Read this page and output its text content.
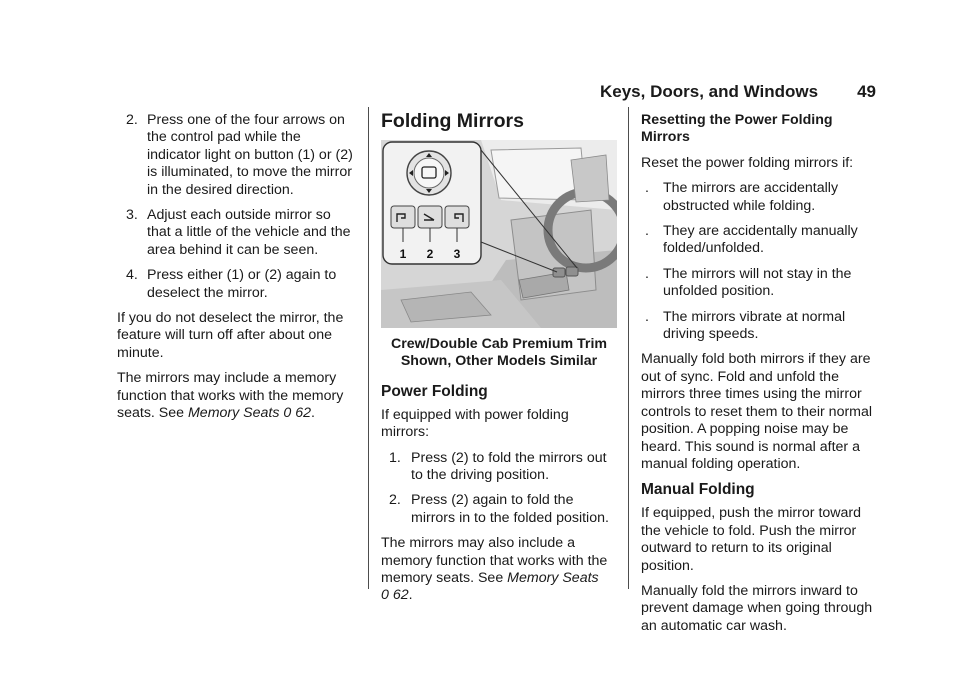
Keys, Doors, and Windows 49
2. Press one of the four arrows on the control pad while the indicator light on button (1) or (2) is illuminated, to move the mirror in the desired direction.
3. Adjust each outside mirror so that a little of the vehicle and the area behind it can be seen.
4. Press either (1) or (2) again to deselect the mirror.

If you do not deselect the mirror, the feature will turn off after about one minute.

The mirrors may include a memory function that works with the memory seats. See Memory Seats 0 62.

Folding Mirrors
1 2 3
Crew/Double Cab Premium Trim
Shown, Other Models Similar
Power Folding

If equipped with power folding mirrors:

1. Press (2) to fold the mirrors out to the driving position.
2. Press (2) again to fold the mirrors in to the folded position.

The mirrors may also include a memory function that works with the memory seats. See Memory Seats
0 62.

Resetting the Power Folding Mirrors

Reset the power folding mirrors if:

. The mirrors are accidentally obstructed while folding.
. They are accidentally manually folded/unfolded.
. The mirrors will not stay in the unfolded position.
. The mirrors vibrate at normal driving speeds.

Manually fold both mirrors if they are out of sync. Fold and unfold the mirrors three times using the mirror controls to reset them to their normal position. A popping noise may be heard. This sound is normal after a manual folding operation.

Manual Folding

If equipped, push the mirror toward the vehicle to fold. Push the mirror outward to return to its original position.

Manually fold the mirrors inward to prevent damage when going through an automatic car wash.
